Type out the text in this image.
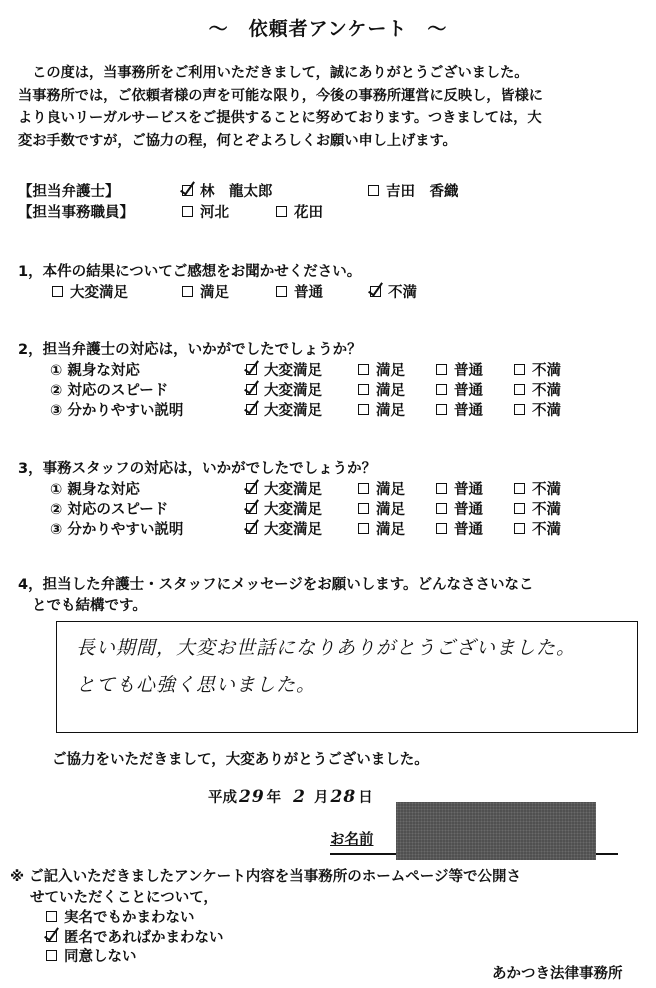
～　依頼者アンケート　～
　この度は，当事務所をご利用いただきまして，誠にありがとうございました。
当事務所では，ご依頼者様の声を可能な限り，今後の事務所運営に反映し，皆様に
より良いリーガルサービスをご提供することに努めております。つきましては，大
変お手数ですが，ご協力の程，何とぞよろしくお願い申し上げます。
【担当弁護士】	林　龍太郎	吉田　香織
【担当事務職員】	河北	花田
1，本件の結果についてご感想をお聞かせください。
大変満足	満足	普通	不満
2，担当弁護士の対応は，いかがでしたでしょうか？
① 親身な対応	大変満足	満足	普通	不満
② 対応のスピード	大変満足	満足	普通	不満
③ 分かりやすい説明	大変満足	満足	普通	不満
3，事務スタッフの対応は，いかがでしたでしょうか？
① 親身な対応	大変満足	満足	普通	不満
② 対応のスピード	大変満足	満足	普通	不満
③ 分かりやすい説明	大変満足	満足	普通	不満
4，担当した弁護士・スタッフにメッセージをお願いします。どんなささいなこ
とでも結構です。
長い期間，大変お世話になりありがとうございました。
とても心強く思いました。
ご協力をいただきまして，大変ありがとうございました。
平成 29 年 2 月 28 日
お名前
※ ご記入いただきましたアンケート内容を当事務所のホームページ等で公開さ
せていただくことについて，
実名でもかまわない
匿名であればかまわない
同意しない
あかつき法律事務所
